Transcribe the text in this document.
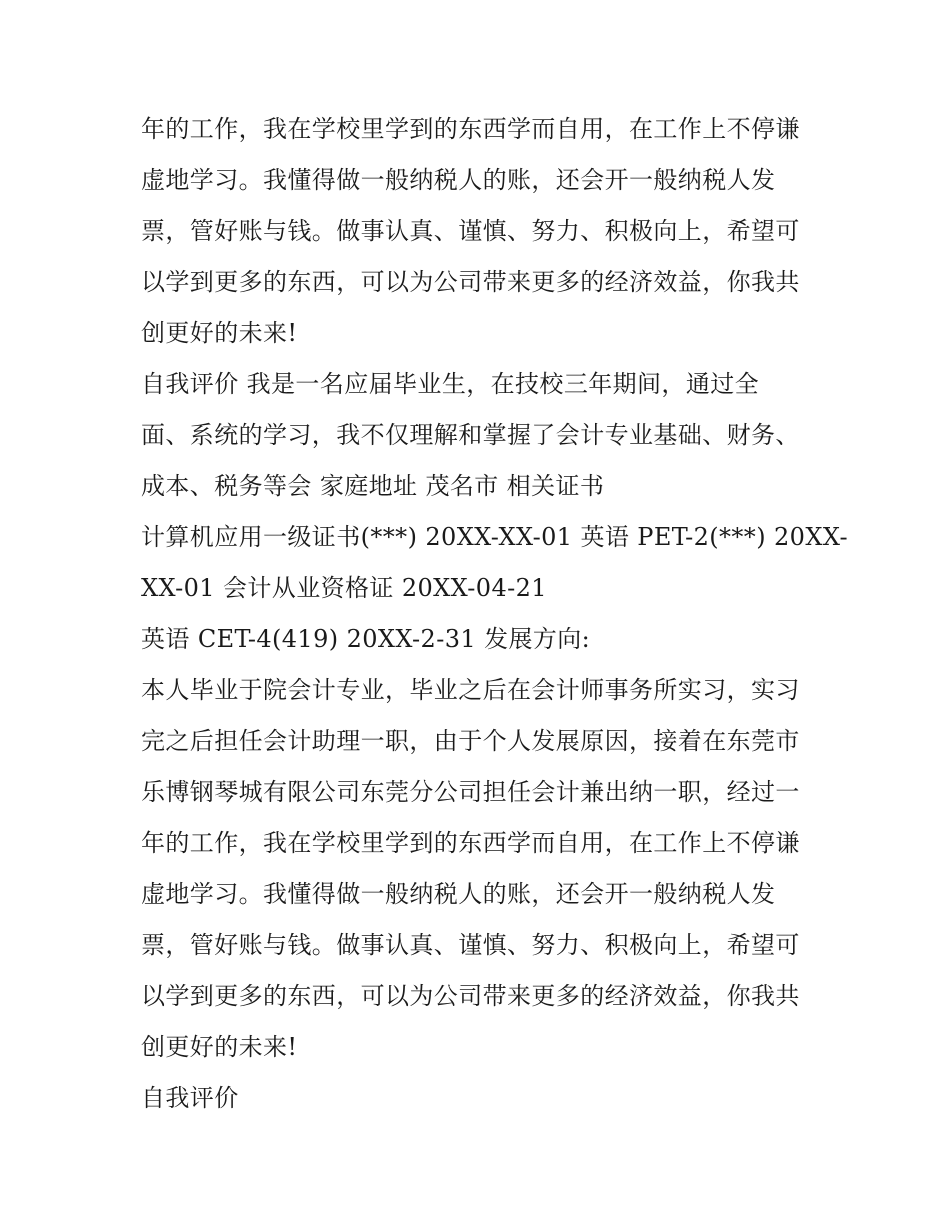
年的工作，我在学校里学到的东西学而自用，在工作上不停谦
虚地学习。我懂得做一般纳税人的账，还会开一般纳税人发
票，管好账与钱。做事认真、谨慎、努力、积极向上，希望可
以学到更多的东西，可以为公司带来更多的经济效益，你我共
创更好的未来!
自我评价 我是一名应届毕业生，在技校三年期间，通过全
面、系统的学习，我不仅理解和掌握了会计专业基础、财务、
成本、税务等会 家庭地址 茂名市 相关证书
计算机应用一级证书(***) 20XX-XX-01 英语 PET-2(***) 20XX-
XX-01 会计从业资格证 20XX-04-21
英语 CET-4(419) 20XX-2-31 发展方向:
本人毕业于院会计专业，毕业之后在会计师事务所实习，实习
完之后担任会计助理一职，由于个人发展原因，接着在东莞市
乐博钢琴城有限公司东莞分公司担任会计兼出纳一职，经过一
年的工作，我在学校里学到的东西学而自用，在工作上不停谦
虚地学习。我懂得做一般纳税人的账，还会开一般纳税人发
票，管好账与钱。做事认真、谨慎、努力、积极向上，希望可
以学到更多的东西，可以为公司带来更多的经济效益，你我共
创更好的未来!
自我评价
